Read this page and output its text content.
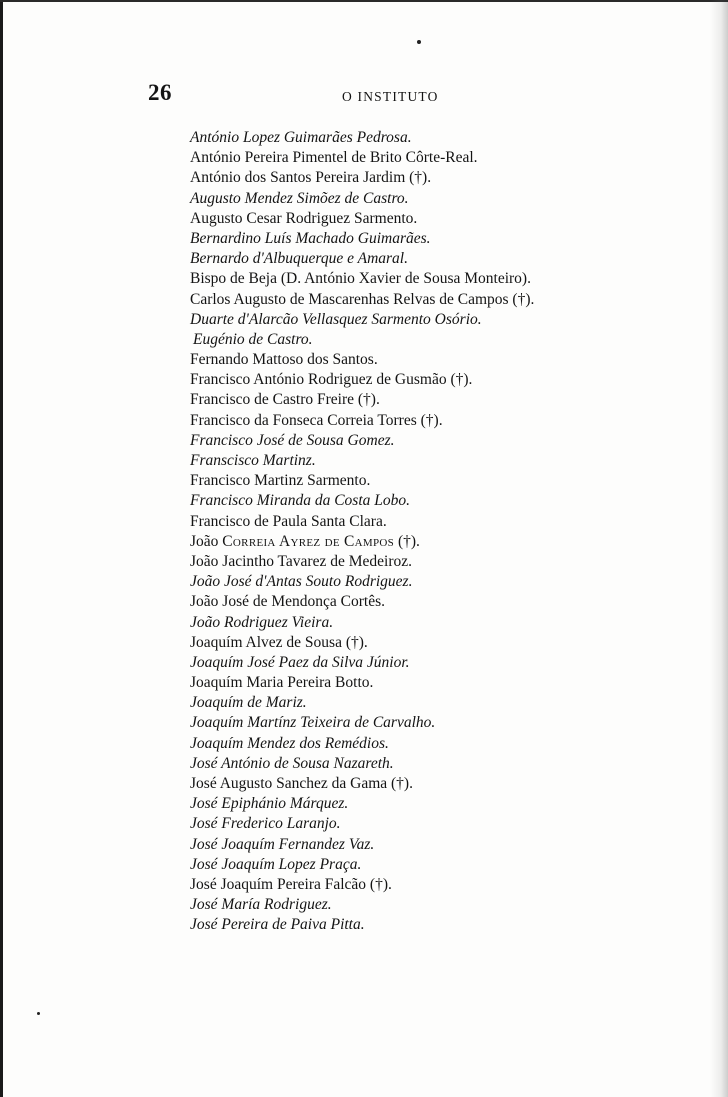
26	O INSTITUTO
António Lopez Guimarães Pedrosa.
António Pereira Pimentel de Brito Côrte-Real.
António dos Santos Pereira Jardim (†).
Augusto Mendez Simõez de Castro.
Augusto Cesar Rodriguez Sarmento.
Bernardino Luís Machado Guimarães.
Bernardo d'Albuquerque e Amaral.
Bispo de Beja (D. António Xavier de Sousa Monteiro).
Carlos Augusto de Mascarenhas Relvas de Campos (†).
Duarte d'Alarcão Vellasquez Sarmento Osório.
Eugénio de Castro.
Fernando Mattoso dos Santos.
Francisco António Rodriguez de Gusmão (†).
Francisco de Castro Freire (†).
Francisco da Fonseca Correia Torres (†).
Francisco José de Sousa Gomez.
Franscisco Martinz.
Francisco Martinz Sarmento.
Francisco Miranda da Costa Lobo.
Francisco de Paula Santa Clara.
João Correia Ayrez de Campos (†).
João Jacintho Tavarez de Medeiroz.
João José d'Antas Souto Rodriguez.
João José de Mendonça Cortês.
João Rodriguez Vieira.
Joaquím Alvez de Sousa (†).
Joaquím José Paez da Silva Júnior.
Joaquím Maria Pereira Botto.
Joaquím de Mariz.
Joaquím Martínz Teixeira de Carvalho.
Joaquím Mendez dos Remédios.
José António de Sousa Nazareth.
José Augusto Sanchez da Gama (†).
José Epiphánio Márquez.
José Frederico Laranjo.
José Joaquím Fernandez Vaz.
José Joaquím Lopez Praça.
José Joaquím Pereira Falcão (†).
José María Rodriguez.
José Pereira de Paiva Pitta.
